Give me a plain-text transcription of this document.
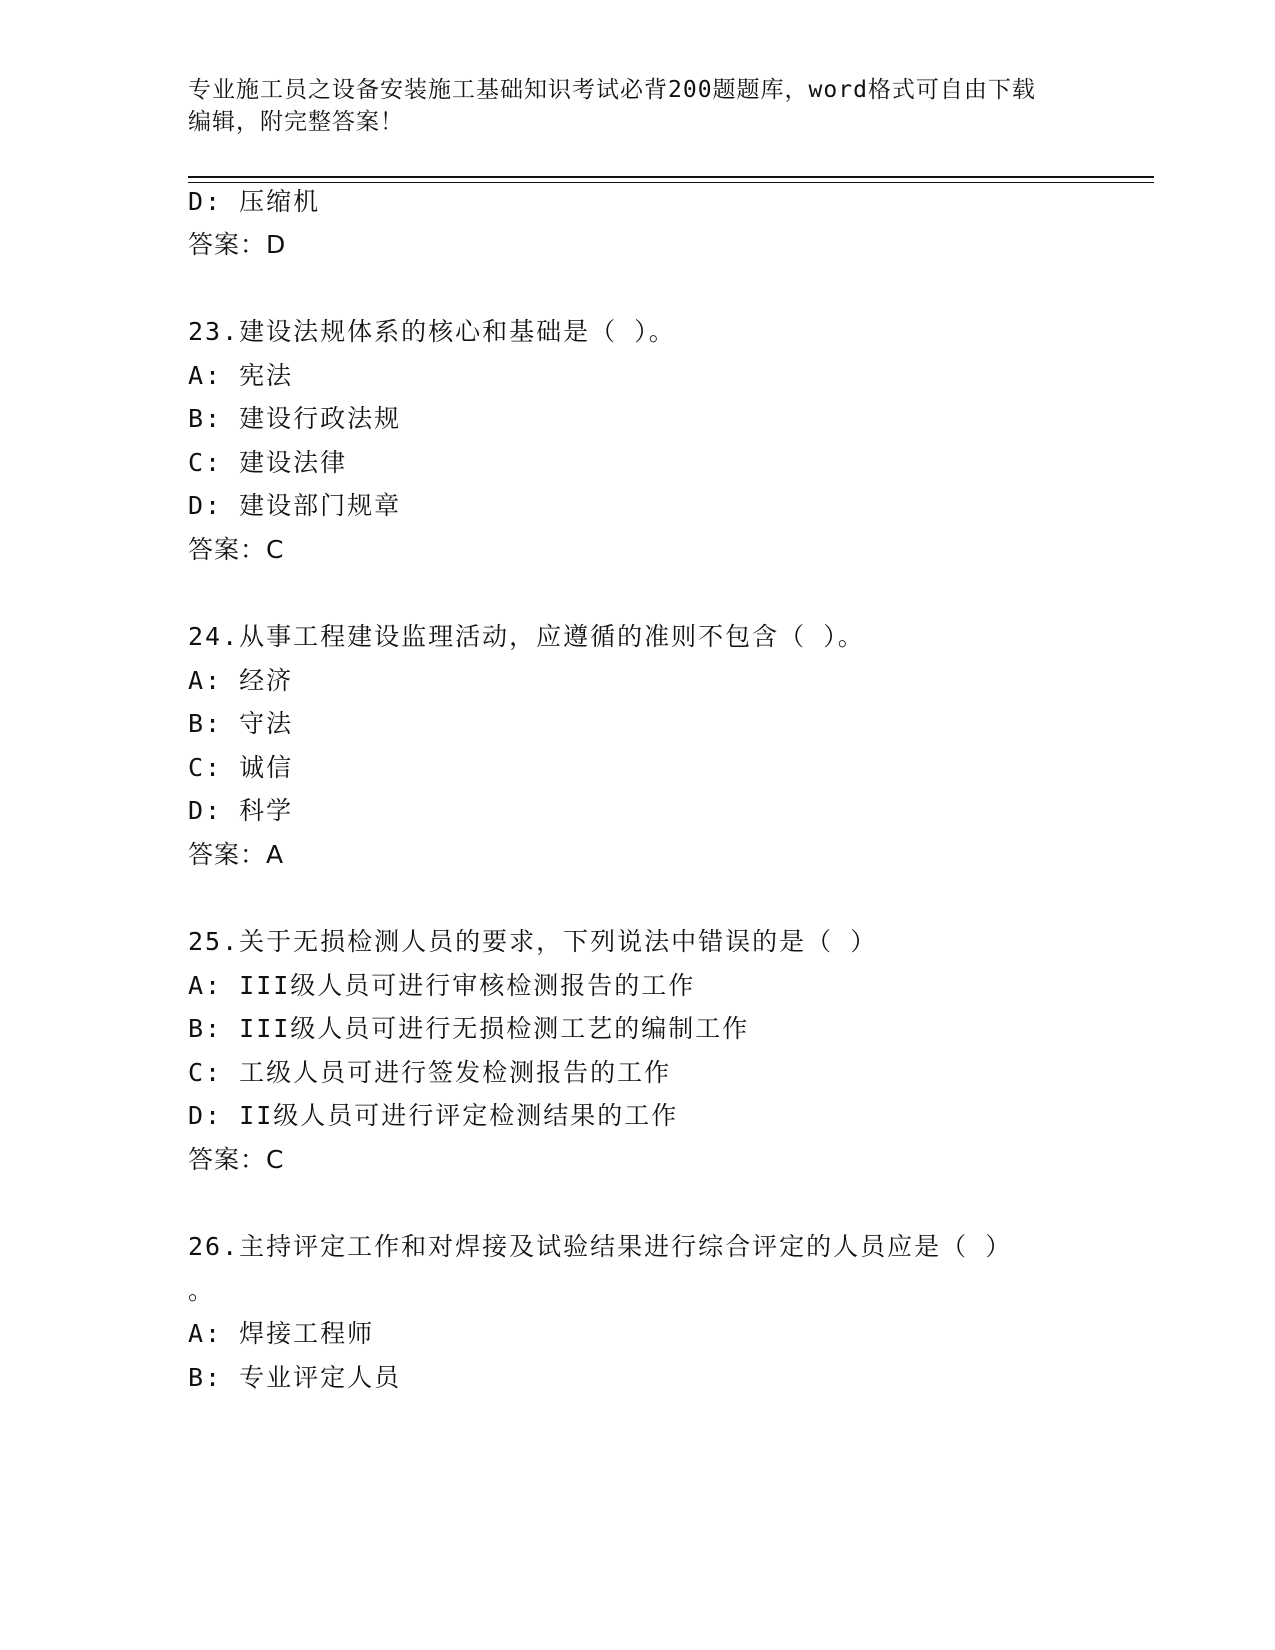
专业施工员之设备安装施工基础知识考试必背200题题库，word格式可自由下载
编辑，附完整答案！
D: 压缩机
答案：D
23.建设法规体系的核心和基础是（ ）。
A: 宪法
B: 建设行政法规
C: 建设法律
D: 建设部门规章
答案：C
24.从事工程建设监理活动，应遵循的准则不包含（ ）。
A: 经济
B: 守法
C: 诚信
D: 科学
答案：A
25.关于无损检测人员的要求，下列说法中错误的是（ ）
A: III级人员可进行审核检测报告的工作
B: III级人员可进行无损检测工艺的编制工作
C: 工级人员可进行签发检测报告的工作
D: II级人员可进行评定检测结果的工作
答案：C
26.主持评定工作和对焊接及试验结果进行综合评定的人员应是（ ）
。
A: 焊接工程师
B: 专业评定人员
